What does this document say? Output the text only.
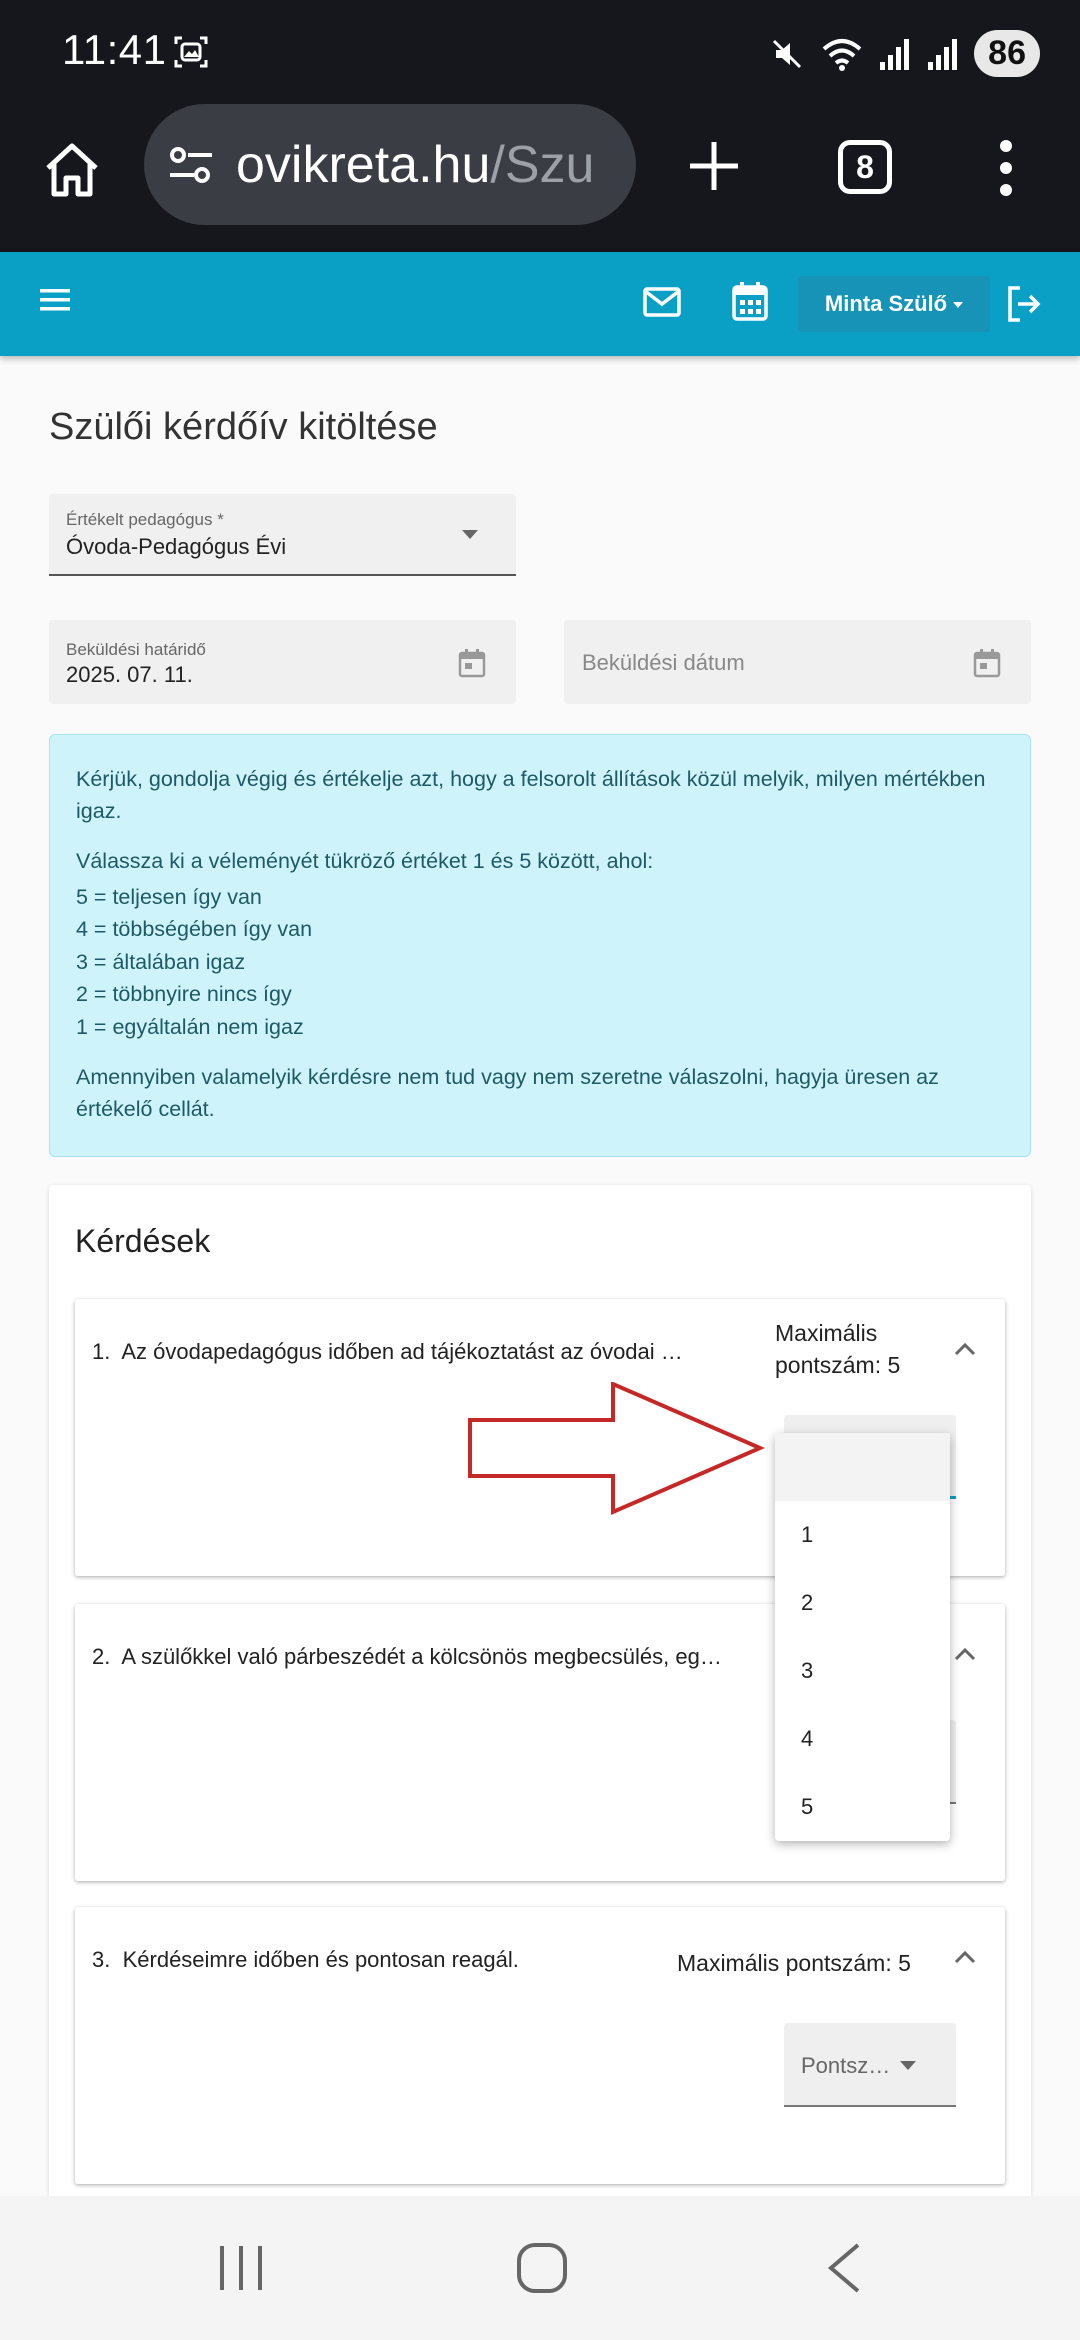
11:41	86
ovikreta.hu/Szu	8
Minta Szülő
Szülői kérdőív kitöltése
Értékelt pedagógus *
Óvoda-Pedagógus Évi
Beküldési határidő
2025. 07. 11.	Beküldési dátum
Kérjük, gondolja végig és értékelje azt, hogy a felsorolt állítások közül melyik, milyen mértékben igaz.
Válassza ki a véleményét tükröző értéket 1 és 5 között, ahol:
5 = teljesen így van
4 = többségében így van
3 = általában igaz
2 = többnyire nincs így
1 = egyáltalán nem igaz
Amennyiben valamelyik kérdésre nem tud vagy nem szeretne válaszolni, hagyja üresen az értékelő cellát.
Kérdések
1. Az óvodapedagógus időben ad tájékoztatást az óvodai …
Maximális pontszám: 5
2. A szülőkkel való párbeszédét a kölcsönös megbecsülés, eg…
3. Kérdéseimre időben és pontosan reagál.	Maximális pontszám: 5
Pontsz…
1
2
3
4
5
